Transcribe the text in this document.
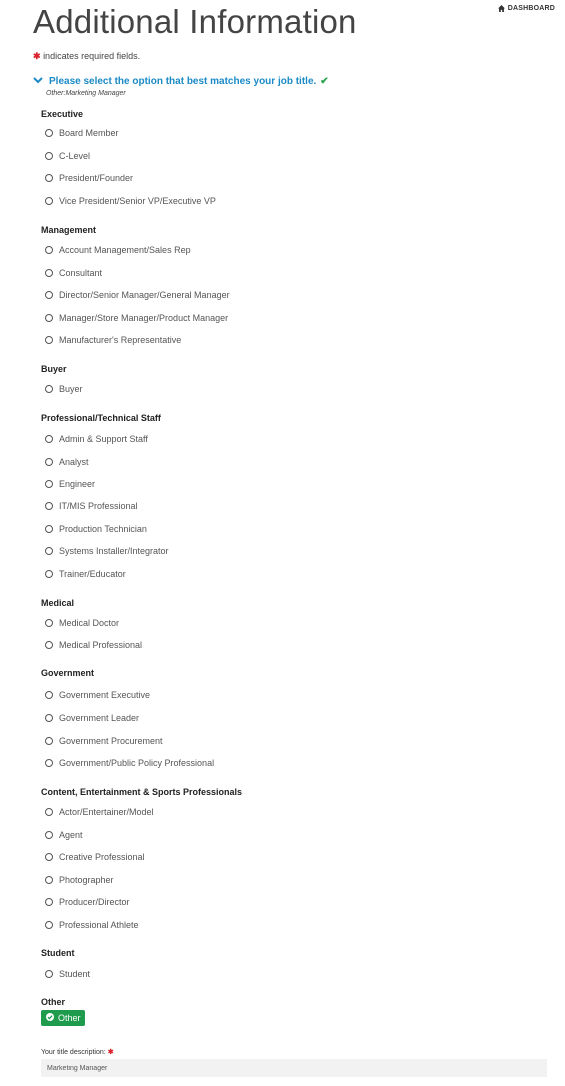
DASHBOARD
Additional Information
✱ indicates required fields.
Please select the option that best matches your job title. ✔
Other:Marketing Manager
Executive
Board Member
C-Level
President/Founder
Vice President/Senior VP/Executive VP
Management
Account Management/Sales Rep
Consultant
Director/Senior Manager/General Manager
Manager/Store Manager/Product Manager
Manufacturer's Representative
Buyer
Buyer
Professional/Technical Staff
Admin & Support Staff
Analyst
Engineer
IT/MIS Professional
Production Technician
Systems Installer/Integrator
Trainer/Educator
Medical
Medical Doctor
Medical Professional
Government
Government Executive
Government Leader
Government Procurement
Government/Public Policy Professional
Content, Entertainment & Sports Professionals
Actor/Entertainer/Model
Agent
Creative Professional
Photographer
Producer/Director
Professional Athlete
Student
Student
Other
Other
Your title description: ✱
Marketing Manager
